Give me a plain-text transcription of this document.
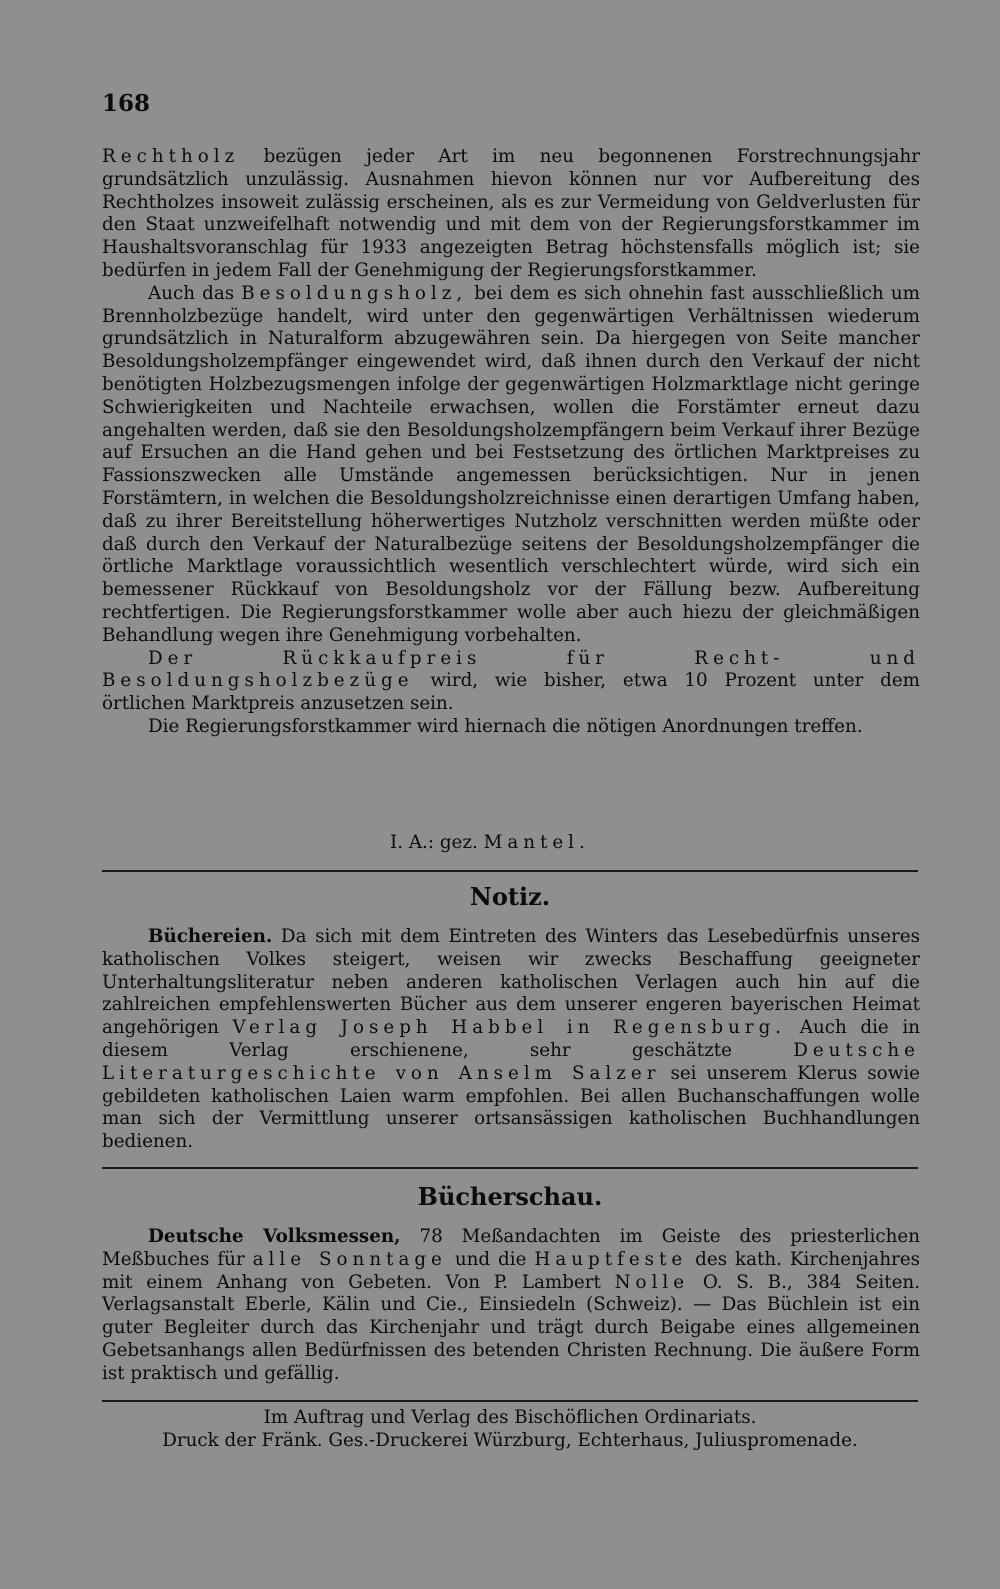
168

Rechtholz bezügen jeder Art im neu begonnenen Forstrechnungsjahr grundsätzlich unzulässig. Ausnahmen hievon können nur vor Aufbereitung des Rechtholzes insoweit zulässig erscheinen, als es zur Vermeidung von Geldverlusten für den Staat unzweifelhaft notwendig und mit dem von der Regierungsforstkammer im Haushaltsvoranschlag für 1933 angezeigten Betrag höchstensfalls möglich ist; sie bedürfen in jedem Fall der Genehmigung der Regierungsforstkammer.

Auch das Besoldungsholz, bei dem es sich ohnehin fast ausschließlich um Brennholzbezüge handelt, wird unter den gegenwärtigen Verhältnissen wiederum grundsätzlich in Naturalform abzugewähren sein. Da hiergegen von Seite mancher Besoldungsholzempfänger eingewendet wird, daß ihnen durch den Verkauf der nicht benötigten Holzbezugsmengen infolge der gegenwärtigen Holzmarktlage nicht geringe Schwierigkeiten und Nachteile erwachsen, wollen die Forstämter erneut dazu angehalten werden, daß sie den Besoldungsholzempfängern beim Verkauf ihrer Bezüge auf Ersuchen an die Hand gehen und bei Festsetzung des örtlichen Marktpreises zu Fassionszwecken alle Umstände angemessen berücksichtigen. Nur in jenen Forstämtern, in welchen die Besoldungsholzreichnisse einen derartigen Umfang haben, daß zu ihrer Bereitstellung höherwertiges Nutzholz verschnitten werden müßte oder daß durch den Verkauf der Naturalbezüge seitens der Besoldungsholzempfänger die örtliche Marktlage voraussichtlich wesentlich verschlechtert würde, wird sich ein bemessener Rückkauf von Besoldungsholz vor der Fällung bezw. Aufbereitung rechtfertigen. Die Regierungsforstkammer wolle aber auch hiezu der gleichmäßigen Behandlung wegen ihre Genehmigung vorbehalten.

Der Rückkaufpreis für Recht- und Besoldungsholzbezüge wird, wie bisher, etwa 10 Prozent unter dem örtlichen Marktpreis anzusetzen sein.

Die Regierungsforstkammer wird hiernach die nötigen Anordnungen treffen.

I. A.: gez. Mantel.
Notiz.

Büchereien. Da sich mit dem Eintreten des Winters das Lesebedürfnis unseres katholischen Volkes steigert, weisen wir zwecks Beschaffung geeigneter Unterhaltungsliteratur neben anderen katholischen Verlagen auch hin auf die zahlreichen empfehlenswerten Bücher aus dem unserer engeren bayerischen Heimat angehörigen Verlag Joseph Habbel in Regensburg. Auch die in diesem Verlag erschienene, sehr geschätzte	Deutsche Literaturgeschichte von Anselm Salzer sei unserem Klerus sowie gebildeten katholischen Laien warm empfohlen. Bei allen Buchanschaffungen wolle man sich der Vermittlung unserer ortsansässigen katholischen Buchhandlungen bedienen.

Bücherschau.

Deutsche Volksmessen, 78 Meßandachten im Geiste des priesterlichen Meßbuches für alle Sonntage und die Hauptfeste des kath. Kirchenjahres mit einem Anhang von Gebeten. Von P. Lambert Nolle O. S. B., 384 Seiten. Verlagsanstalt Eberle, Kälin und Cie., Einsiedeln (Schweiz). — Das Büchlein ist ein guter Begleiter durch das Kirchenjahr und trägt durch Beigabe eines allgemeinen Gebetsanhangs allen Bedürfnissen des betenden Christen Rechnung. Die äußere Form ist praktisch und gefällig.

Im Auftrag und Verlag des Bischöflichen Ordinariats.
Druck der Fränk. Ges.-Druckerei Würzburg, Echterhaus, Juliuspromenade.
